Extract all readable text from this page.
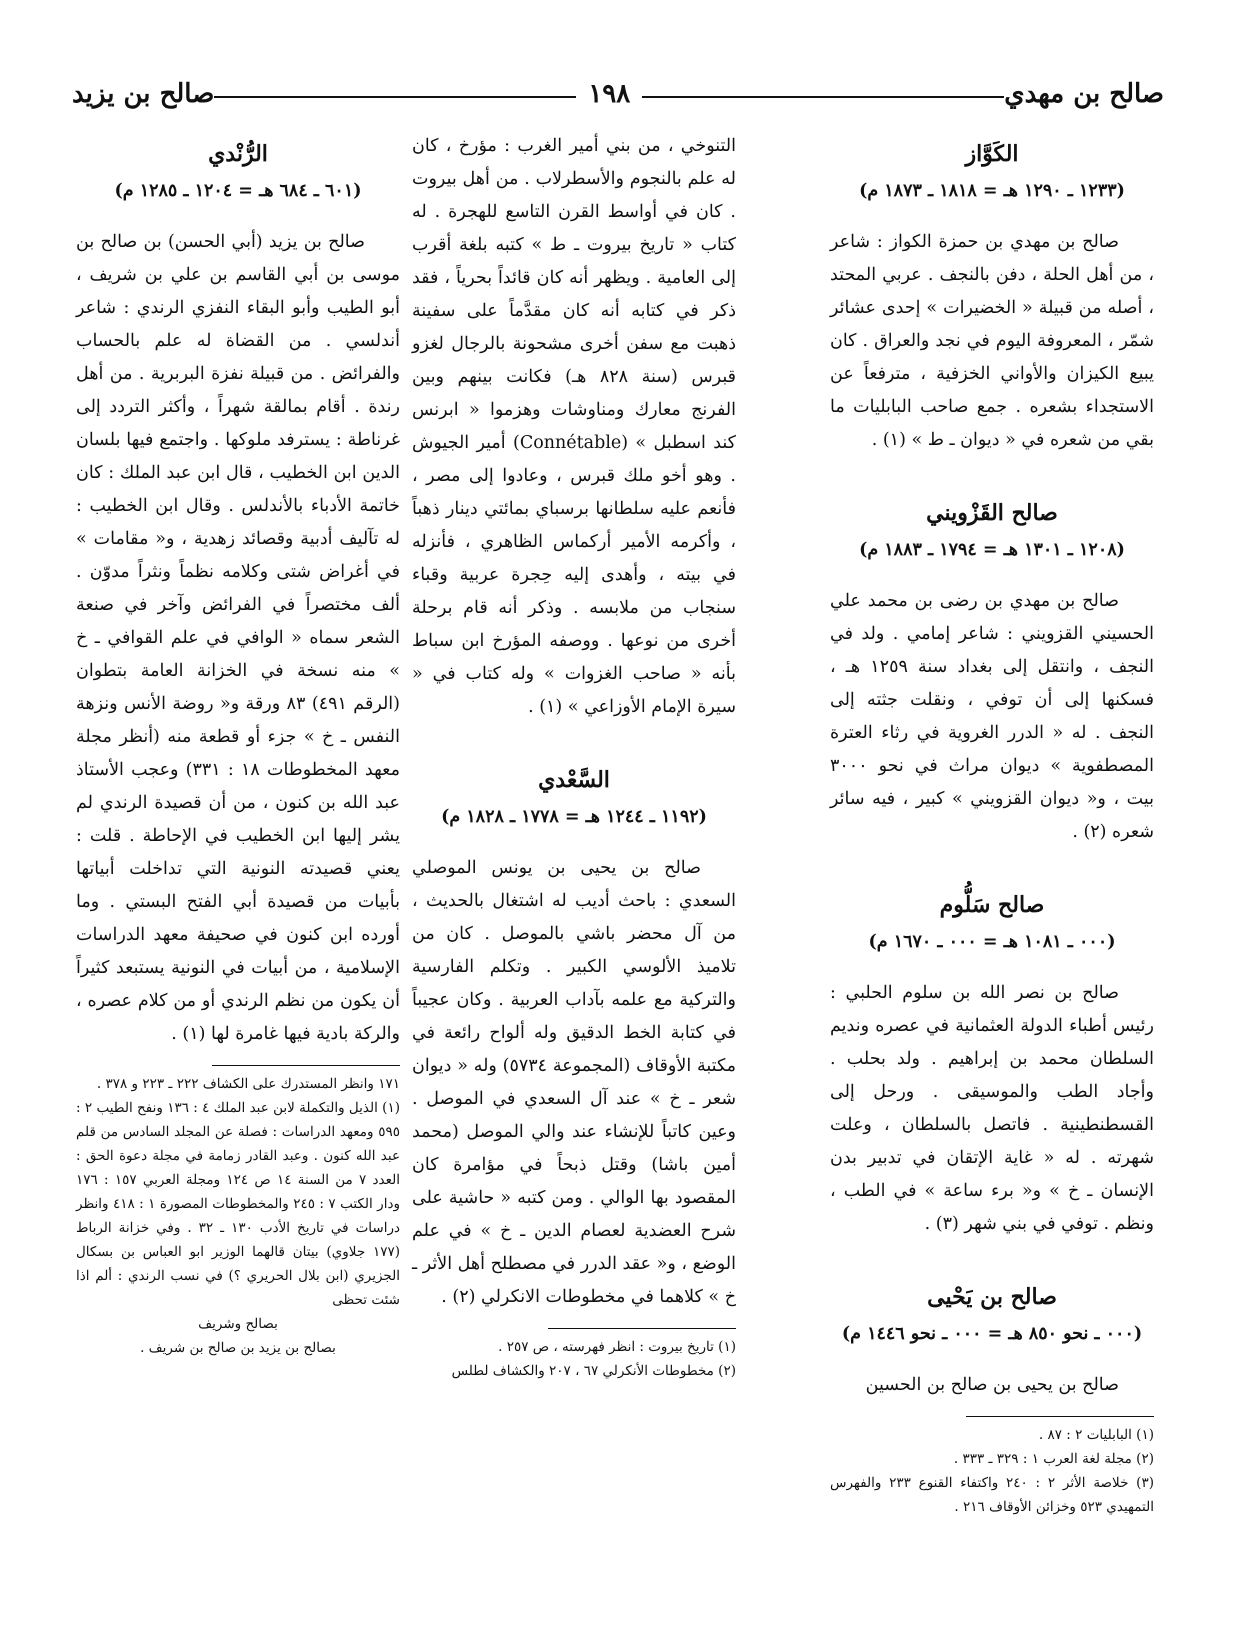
صالح بن مهدي
١٩٨
صالح بن يزيد
الكَوَّاز
(١٢٣٣ ـ ١٢٩٠ هـ = ١٨١٨ ـ ١٨٧٣ م)

صالح بن مهدي بن حمزة الكواز : شاعر ، من أهل الحلة ، دفن بالنجف . عربي المحتد ، أصله من قبيلة « الخضيرات » إحدى عشائر شمّر ، المعروفة اليوم في نجد والعراق . كان يبيع الكيزان والأواني الخزفية ، مترفعاً عن الاستجداء بشعره . جمع صاحب البابليات ما بقي من شعره في « ديوان ـ ط » (١) .

صالح القَزْويني
(١٢٠٨ ـ ١٣٠١ هـ = ١٧٩٤ ـ ١٨٨٣ م)

صالح بن مهدي بن رضى بن محمد علي الحسيني القزويني : شاعر إمامي . ولد في النجف ، وانتقل إلى بغداد سنة ١٢٥٩ هـ ، فسكنها إلى أن توفي ، ونقلت جثته إلى النجف . له « الدرر الغروية في رثاء العترة المصطفوية » ديوان مراث في نحو ٣٠٠٠ بيت ، و« ديوان القزويني » كبير ، فيه سائر شعره (٢) .

صالح سَلُّوم
(٠٠٠ ـ ١٠٨١ هـ = ٠٠٠ ـ ١٦٧٠ م)

صالح بن نصر الله بن سلوم الحلبي : رئيس أطباء الدولة العثمانية في عصره ونديم السلطان محمد بن إبراهيم . ولد بحلب . وأجاد الطب والموسيقى . ورحل إلى القسطنطينية . فاتصل بالسلطان ، وعلت شهرته . له « غاية الإتقان في تدبير بدن الإنسان ـ خ » و« برء ساعة » في الطب ، ونظم . توفي في بني شهر (٣) .

صالح بن يَحْيى
(٠٠٠ ـ نحو ٨٥٠ هـ = ٠٠٠ ـ نحو ١٤٤٦ م)

صالح بن يحيى بن صالح بن الحسين

(١) البابليات ٢ : ٨٧ .

(٢) مجلة لغة العرب ١ : ٣٢٩ ـ ٣٣٣ .

(٣) خلاصة الأثر ٢ : ٢٤٠ واكتفاء القنوع ٢٣٣ والفهرس التمهيدي ٥٢٣ وخزائن الأوقاف ٢١٦ .

التنوخي ، من بني أمير الغرب : مؤرخ ، كان له علم بالنجوم والأسطرلاب . من أهل بيروت . كان في أواسط القرن التاسع للهجرة . له كتاب « تاريخ بيروت ـ ط » كتبه بلغة أقرب إلى العامية . ويظهر أنه كان قائداً بحرياً ، فقد ذكر في كتابه أنه كان مقدَّماً على سفينة ذهبت مع سفن أخرى مشحونة بالرجال لغزو قبرس (سنة ٨٢٨ هـ) فكانت بينهم وبين الفرنج معارك ومناوشات وهزموا « ابرنس كند اسطبل » (Connétable) أمير الجيوش . وهو أخو ملك قبرس ، وعادوا إلى مصر ، فأنعم عليه سلطانها برسباي بمائتي دينار ذهباً ، وأكرمه الأمير أركماس الظاهري ، فأنزله في بيته ، وأهدى إليه حِجرة عربية وقباء سنجاب من ملابسه . وذكر أنه قام برحلة أخرى من نوعها . ووصفه المؤرخ ابن سباط بأنه « صاحب الغزوات » وله كتاب في « سيرة الإمام الأوزاعي » (١) .

السَّعْدي
(١١٩٢ ـ ١٢٤٤ هـ = ١٧٧٨ ـ ١٨٢٨ م)

صالح بن يحيى بن يونس الموصلي السعدي : باحث أديب له اشتغال بالحديث ، من آل محضر باشي بالموصل . كان من تلاميذ الألوسي الكبير . وتكلم الفارسية والتركية مع علمه بآداب العربية . وكان عجيباً في كتابة الخط الدقيق وله ألواح رائعة في مكتبة الأوقاف (المجموعة ٥٧٣٤) وله « ديوان شعر ـ خ » عند آل السعدي في الموصل . وعين كاتباً للإنشاء عند والي الموصل (محمد أمين باشا) وقتل ذبحاً في مؤامرة كان المقصود بها الوالي . ومن كتبه « حاشية على شرح العضدية لعصام الدين ـ خ » في علم الوضع ، و« عقد الدرر في مصطلح أهل الأثر ـ خ » كلاهما في مخطوطات الانكرلي (٢) .

(١) تاريخ بيروت : انظر فهرسته ، ص ٢٥٧ .

(٢) مخطوطات الأنكرلي ٦٧ ، ٢٠٧ والكشاف لطلس

الرُّنْدي
(٦٠١ ـ ٦٨٤ هـ = ١٢٠٤ ـ ١٢٨٥ م)

صالح بن يزيد (أبي الحسن) بن صالح بن موسى بن أبي القاسم بن علي بن شريف ، أبو الطيب وأبو البقاء النفزي الرندي : شاعر أندلسي . من القضاة له علم بالحساب والفرائض . من قبيلة نفزة البربرية . من أهل رندة . أقام بمالقة شهراً ، وأكثر التردد إلى غرناطة : يسترفد ملوكها . واجتمع فيها بلسان الدين ابن الخطيب ، قال ابن عبد الملك : كان خاتمة الأدباء بالأندلس . وقال ابن الخطيب : له تآليف أدبية وقصائد زهدية ، و« مقامات » في أغراض شتى وكلامه نظماً ونثراً مدوّن . ألف مختصراً في الفرائض وآخر في صنعة الشعر سماه « الوافي في علم القوافي ـ خ » منه نسخة في الخزانة العامة بتطوان (الرقم ٤٩١) ٨٣ ورقة و« روضة الأنس ونزهة النفس ـ خ » جزء أو قطعة منه (أنظر مجلة معهد المخطوطات ١٨ : ٣٣١) وعجب الأستاذ عبد الله بن كنون ، من أن قصيدة الرندي لم يشر إليها ابن الخطيب في الإحاطة . قلت : يعني قصيدته النونية التي تداخلت أبياتها بأبيات من قصيدة أبي الفتح البستي . وما أورده ابن كنون في صحيفة معهد الدراسات الإسلامية ، من أبيات في النونية يستبعد كثيراً أن يكون من نظم الرندي أو من كلام عصره ، والركة بادية فيها غامرة لها (١) .

١٧١ وانظر المستدرك على الكشاف ٢٢٢ ـ ٢٢٣ و ٣٧٨ .

(١) الذيل والتكملة لابن عبد الملك ٤ : ١٣٦ ونفح الطيب ٢ : ٥٩٥ ومعهد الدراسات : فصلة عن المجلد السادس من قلم عبد الله كنون . وعبد القادر زمامة في مجلة دعوة الحق : العدد ٧ من السنة ١٤ ص ١٢٤ ومجلة العربي ١٥٧ : ١٧٦ ودار الكتب ٧ : ٢٤٥ والمخطوطات المصورة ١ : ٤١٨ وانظر دراسات في تاريخ الأدب ١٣٠ ـ ٣٢ . وفي خزانة الرباط (١٧٧ جلاوي) بيتان قالهما الوزير ابو العباس بن بسكال الجزيري (ابن بلال الحريري ؟) في نسب الرندي : ألم اذا شئت تحظى

بصالح وشريف

بصالح بن يزيد بن صالح بن شريف .
